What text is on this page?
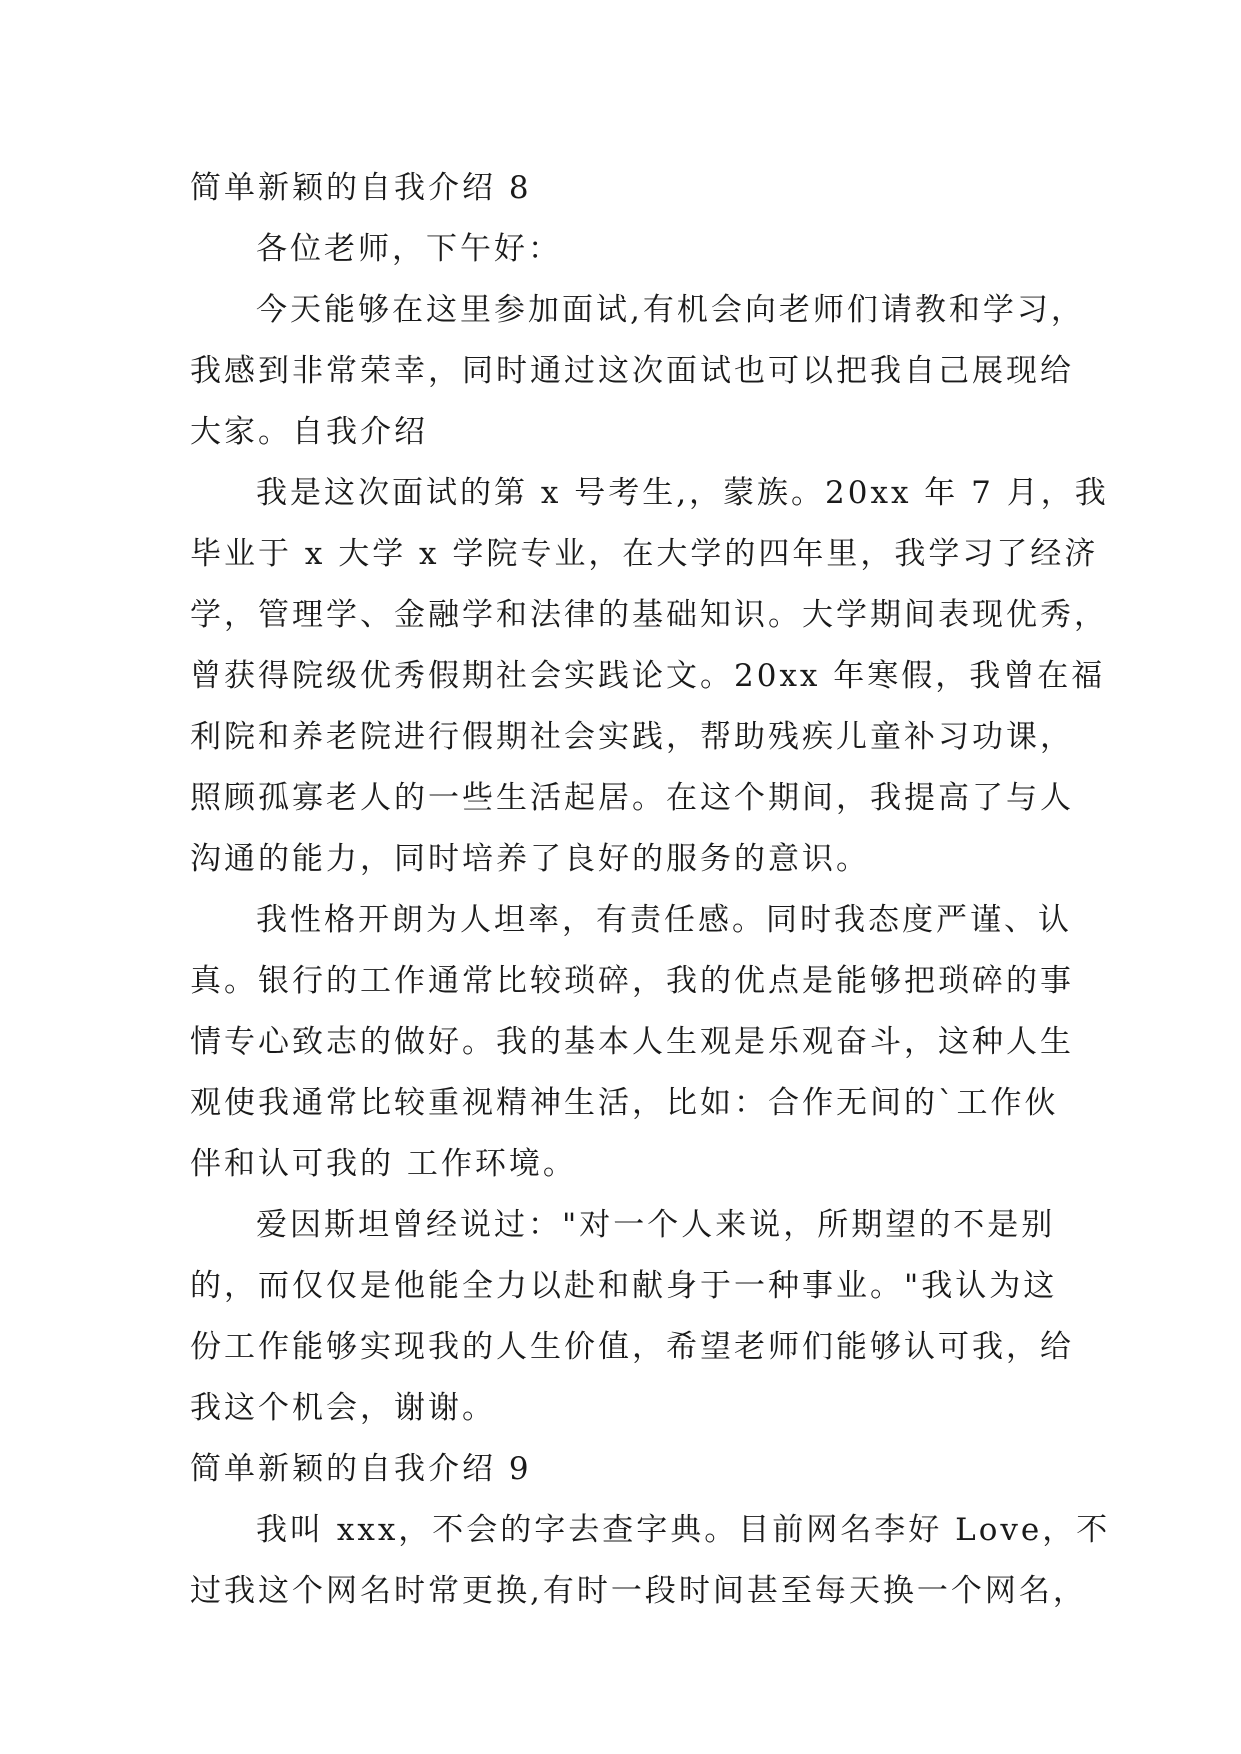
简单新颖的自我介绍 8
各位老师，下午好：
今天能够在这里参加面试,有机会向老师们请教和学习，
我感到非常荣幸，同时通过这次面试也可以把我自己展现给
大家。自我介绍
我是这次面试的第 x 号考生,，蒙族。20xx 年 7 月，我
毕业于 x 大学 x 学院专业，在大学的四年里，我学习了经济
学，管理学、金融学和法律的基础知识。大学期间表现优秀，
曾获得院级优秀假期社会实践论文。20xx 年寒假，我曾在福
利院和养老院进行假期社会实践，帮助残疾儿童补习功课，
照顾孤寡老人的一些生活起居。在这个期间，我提高了与人
沟通的能力，同时培养了良好的服务的意识。
我性格开朗为人坦率，有责任感。同时我态度严谨、认
真。银行的工作通常比较琐碎，我的优点是能够把琐碎的事
情专心致志的做好。我的基本人生观是乐观奋斗，这种人生
观使我通常比较重视精神生活，比如：合作无间的`工作伙
伴和认可我的 工作环境。
爱因斯坦曾经说过："对一个人来说，所期望的不是别
的，而仅仅是他能全力以赴和献身于一种事业。"我认为这
份工作能够实现我的人生价值，希望老师们能够认可我，给
我这个机会，谢谢。
简单新颖的自我介绍 9
我叫 xxx，不会的字去查字典。目前网名李好 Love，不
过我这个网名时常更换,有时一段时间甚至每天换一个网名，
